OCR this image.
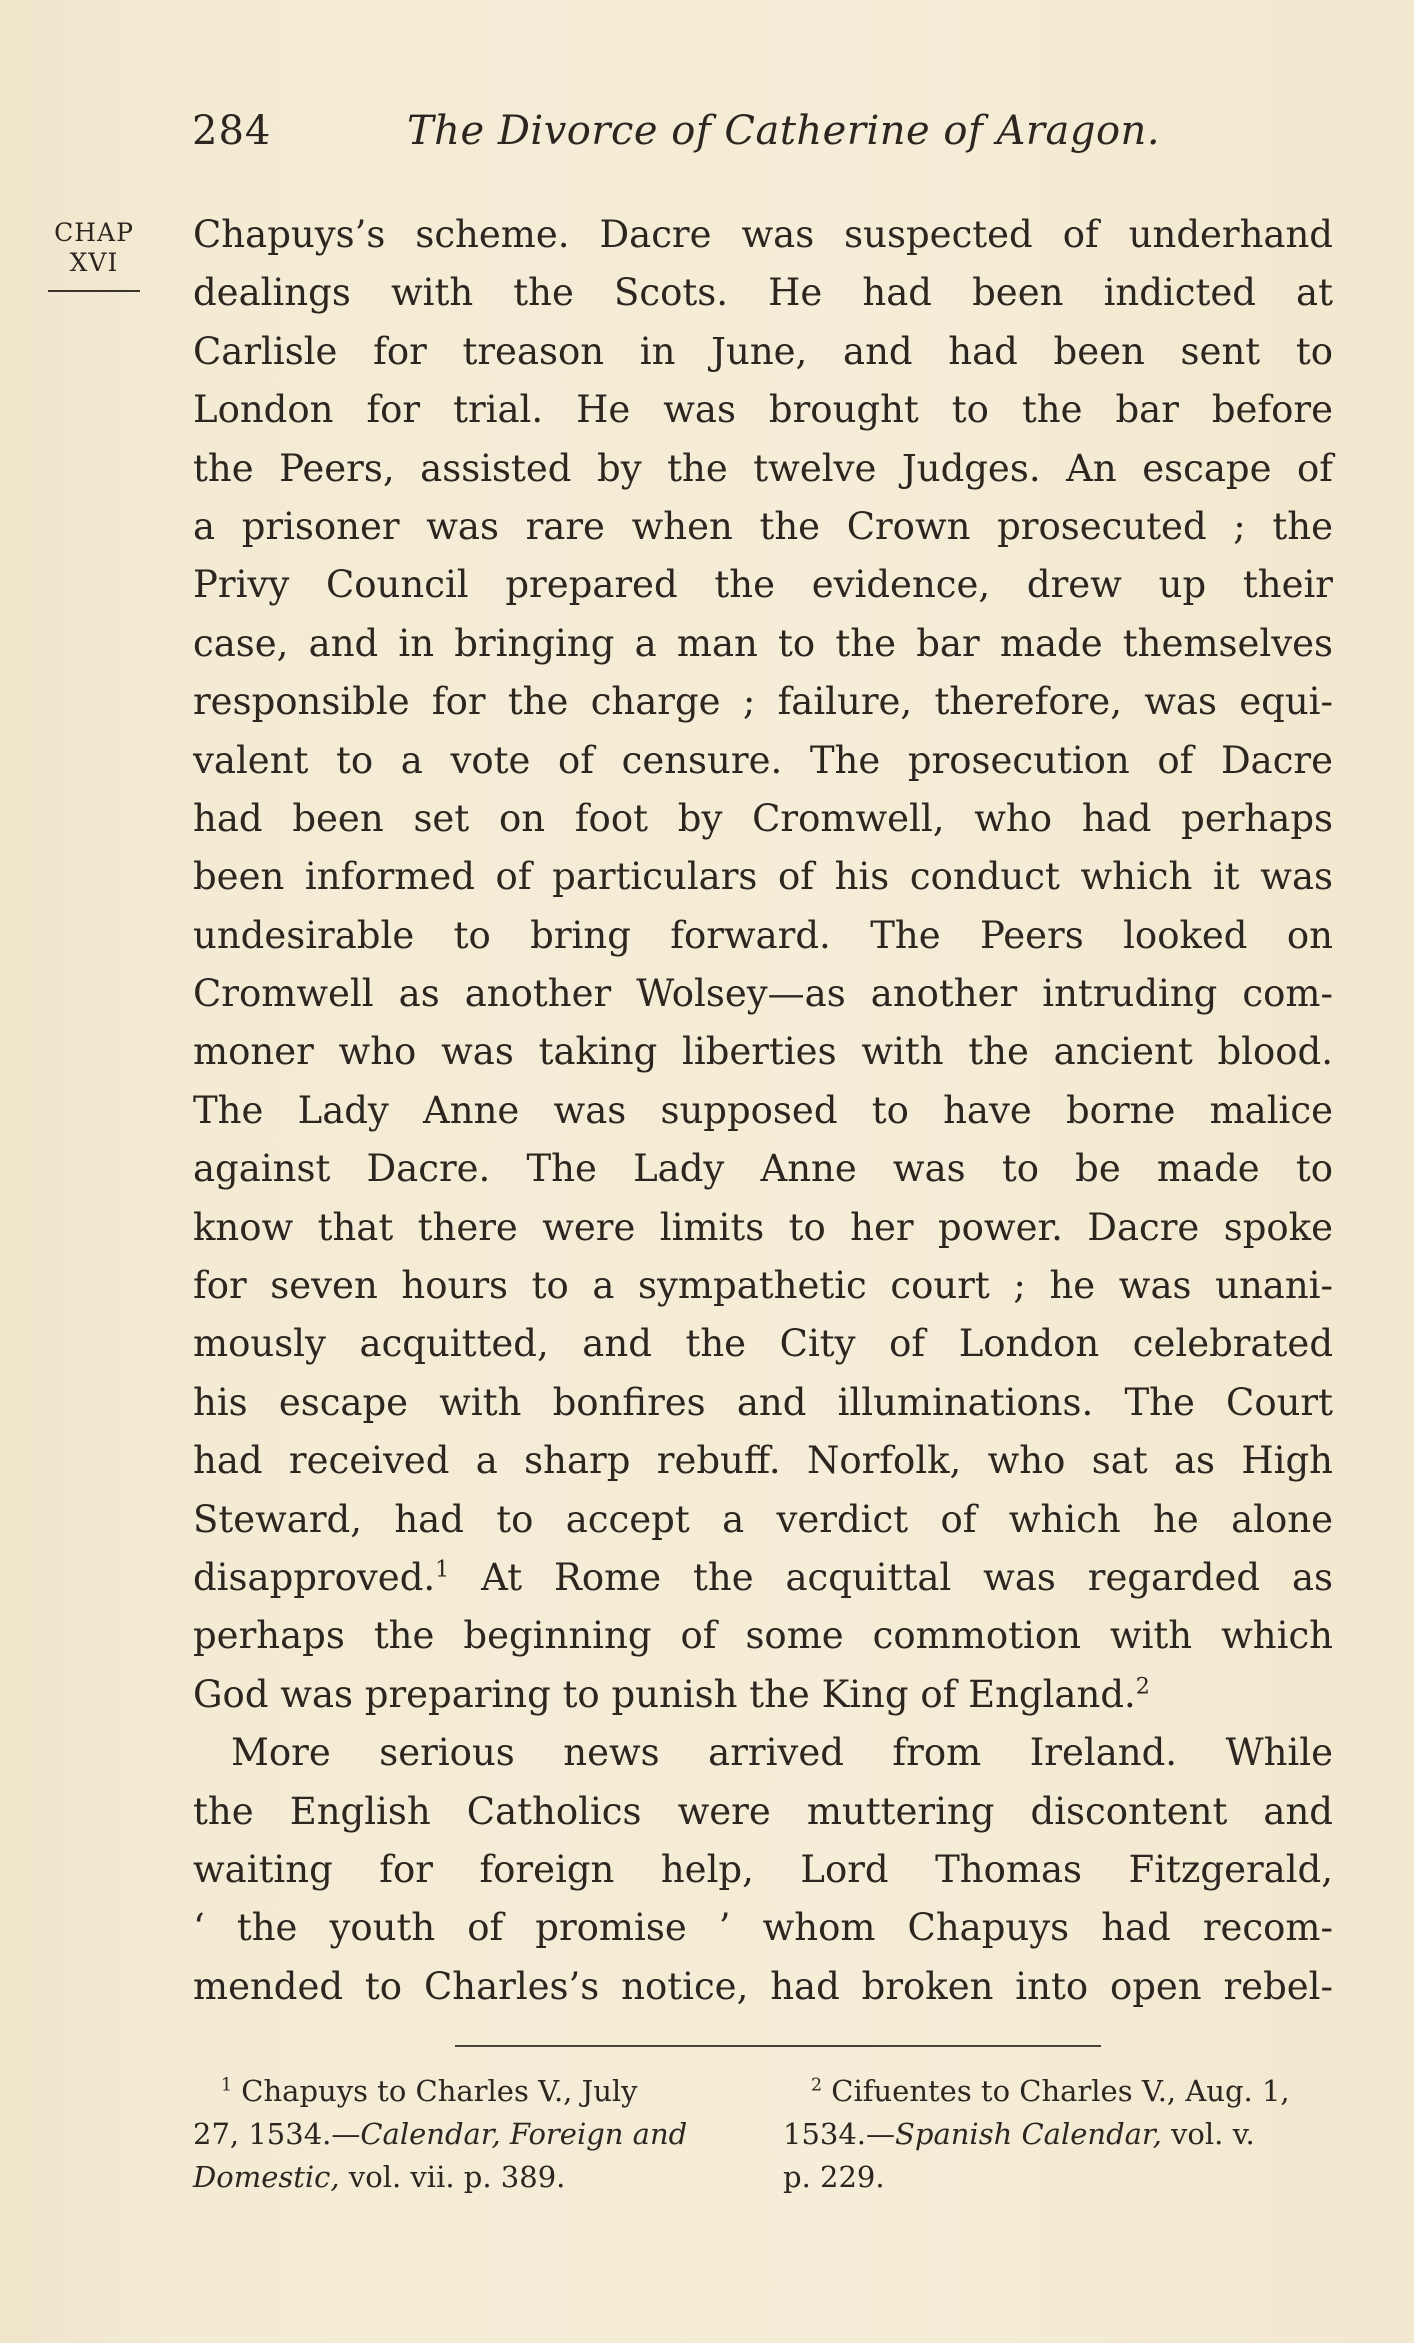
284	The Divorce of Catherine of Aragon.
CHAP
XVI
Chapuys’s scheme. Dacre was suspected of underhand
dealings with the Scots. He had been indicted at
Carlisle for treason in June, and had been sent to
London for trial. He was brought to the bar before
the Peers, assisted by the twelve Judges. An escape of
a prisoner was rare when the Crown prosecuted ; the
Privy Council prepared the evidence, drew up their
case, and in bringing a man to the bar made themselves
responsible for the charge ; failure, therefore, was equi-
valent to a vote of censure. The prosecution of Dacre
had been set on foot by Cromwell, who had perhaps
been informed of particulars of his conduct which it was
undesirable to bring forward. The Peers looked on
Cromwell as another Wolsey—as another intruding com-
moner who was taking liberties with the ancient blood.
The Lady Anne was supposed to have borne malice
against Dacre. The Lady Anne was to be made to
know that there were limits to her power. Dacre spoke
for seven hours to a sympathetic court ; he was unani-
mously acquitted, and the City of London celebrated
his escape with bonfires and illuminations. The Court
had received a sharp rebuff. Norfolk, who sat as High
Steward, had to accept a verdict of which he alone
disapproved.$^1$ At Rome the acquittal was regarded as
perhaps the beginning of some commotion with which
God was preparing to punish the King of England.$^2$
More serious news arrived from Ireland. While
the English Catholics were muttering discontent and
waiting for foreign help, Lord Thomas Fitzgerald,
‘ the youth of promise ’ whom Chapuys had recom-
mended to Charles’s notice, had broken into open rebel-
$^1$ Chapuys to Charles V., July
27, 1534.—Calendar, Foreign and
Domestic, vol. vii. p. 389.
$^2$ Cifuentes to Charles V., Aug. 1,
1534.—Spanish Calendar, vol. v.
p. 229.
